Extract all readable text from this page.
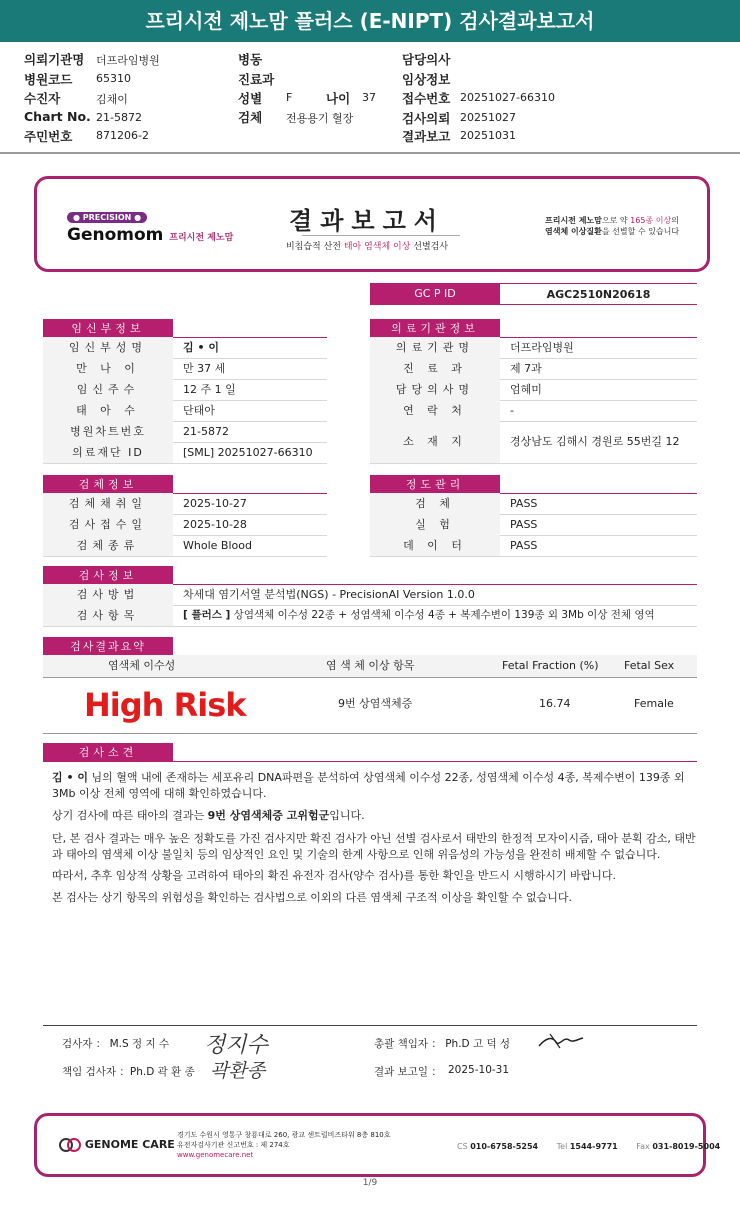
프리시전 제노맘 플러스 (E-NIPT) 검사결과보고서
의뢰기관명 더프라임병원
병원코드 65310
수진자	김채이
Chart No. 21-5872
주민번호 871206-2
병동
진료과
성별 F	나이 37
검체 전용용기 혈장
담당의사
임상정보
접수번호 20251027-66310
검사의뢰 20251027
결과보고 20251031
● PRECISION ●
Genomom 프리시전 제노맘
결과보고서
비침습적 산전 태아 염색체 이상 선별검사
프리시전 제노맘으로 약 165종 이상의
염색체 이상질환을 선별할 수 있습니다
GC P ID	AGC2510N20618
임신부정보	의료기관정보
임신부성명	김 • 이
만 나 이	만 37 세
임신주수	12 주 1 일
태 아 수	단태아
병원차트번호	21-5872
의료재단 ID	[SML] 20251027-66310
의료기관명	더프라임병원
진 료 과	제 7과
담당의사명	엄혜미
연 락 처	-
소 재 지	경상남도 김해시 경원로 55번길 12
검체정보	정도관리
검체채취일	2025-10-27
검사접수일	2025-10-28
검체종류	Whole Blood
검 체	PASS
실 험	PASS
데 이 터	PASS
검사정보
검사방법	차세대 염기서열 분석법(NGS) - PrecisionAI Version 1.0.0
검사항목	[ 플러스 ] 상염색체 이수성 22종 + 성염색체 이수성 4종 + 복제수변이 139종 외 3Mb 이상 전체 영역
검사결과요약
염색체 이수성	염 색 체 이상 항목	Fetal Fraction (%) Fetal Sex
High Risk	9번 상염색체증	16.74	Female
검사소견
김 • 이 님의 혈액 내에 존재하는 세포유리 DNA파편을 분석하여 상염색체 이수성 22종, 성염색체 이수성 4종, 복제수변이 139종 외 3Mb 이상 전체 영역에 대해 확인하였습니다.
상기 검사에 따른 태아의 결과는 9번 상염색체증 고위험군입니다.
단, 본 검사 결과는 매우 높은 정확도를 가진 검사지만 확진 검사가 아닌 선별 검사로서 태반의 한정적 모자이시즘, 태아 분획 감소, 태반과 태아의 염색체 이상 불일치 등의 임상적인 요인 및 기술의 한계 사항으로 인해 위음성의 가능성을 완전히 배제할 수 없습니다.
따라서, 추후 임상적 상황을 고려하여 태아의 확진 유전자 검사(양수 검사)를 통한 확인을 반드시 시행하시기 바랍니다.
본 검사는 상기 항목의 위험성을 확인하는 검사법으로 이외의 다른 염색체 구조적 이상을 확인할 수 없습니다.
검사자 ： M.S 정 지 수 정지수
책임 검사자 ：Ph.D 곽 환 종 곽환종
총괄 책임자 ： Ph.D 고 덕 성
결과 보고일 ： 2025-10-31
GENOME CARE
경기도 수원시 영통구 창룡대로 260, 광교 센트럴비즈타워 8층 810호
유전자검사기관 신고번호 : 제 274호
www.genomecare.net
CS 010-6758-5254 Tel 1544-9771 Fax 031-8019-5004
1/9
